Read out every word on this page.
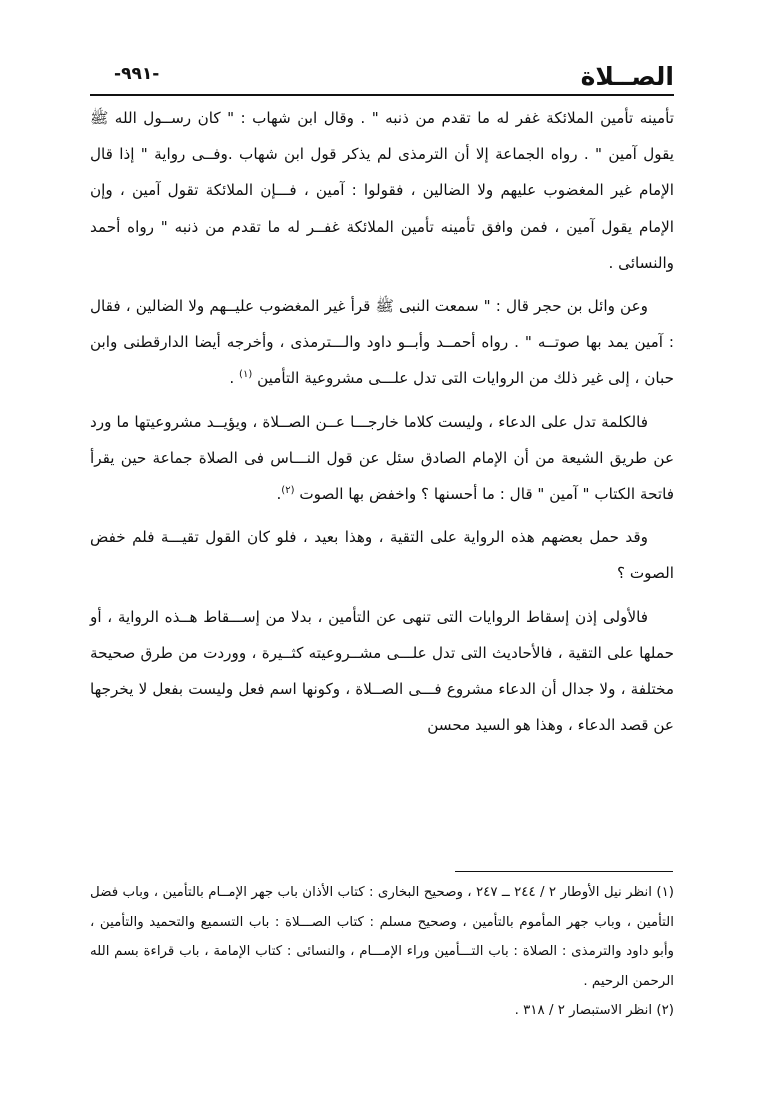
الصــلاة
-٩٩١-

تأمينه تأمين الملائكة غفر له ما تقدم من ذنبه " . وقال ابن شهاب : " كان رســول الله ﷺ يقول آمين " . رواه الجماعة إلا أن الترمذى لم يذكر قول ابن شهاب .وفــى رواية " إذا قال الإمام غير المغضوب عليهم ولا الضالين ، فقولوا : آمين ، فـــإن الملائكة تقول آمين ، وإن الإمام يقول آمين ، فمن وافق تأمينه تأمين الملائكة غفــر له ما تقدم من ذنبه " رواه أحمد والنسائى .

وعن وائل بن حجر قال : " سمعت النبى ﷺ قرأ غير المغضوب عليــهم ولا الضالين ، فقال : آمين يمد بها صوتــه " . رواه أحمــد وأبــو داود والـــترمذى ، وأخرجه أيضا الدارقطنى وابن حبان ، إلى غير ذلك من الروايات التى تدل علـــى مشروعية التأمين $^{(١)}$ .

فالكلمة تدل على الدعاء ، وليست كلاما خارجـــا عــن الصــلاة ، ويؤيــد مشروعيتها ما ورد عن طريق الشيعة من أن الإمام الصادق سئل عن قول النـــاس فى الصلاة جماعة حين يقرأ فاتحة الكتاب " آمين " قال : ما أحسنها ؟ واخفض بها الصوت $^{(٢)}$.

وقد حمل بعضهم هذه الرواية على التقية ، وهذا بعيد ، فلو كان القول تقيـــة فلم خفض الصوت ؟

فالأولى إذن إسقاط الروايات التى تنهى عن التأمين ، بدلا من إســـقاط هــذه الرواية ، أو حملها على التقية ، فالأحاديث التى تدل علـــى مشــروعيته كثــيرة ، ووردت من طرق صحيحة مختلفة ، ولا جدال أن الدعاء مشروع فـــى الصــلاة ، وكونها اسم فعل وليست بفعل لا يخرجها عن قصد الدعاء ، وهذا هو السيد محسن

(١) انظر نيل الأوطار ٢ / ٢٤٤ ــ ٢٤٧ ، وصحيح البخارى : كتاب الأذان باب جهر الإمــام بالتأمين ، وباب فضل التأمين ، وباب جهر المأموم بالتأمين ، وصحيح مسلم : كتاب الصـــلاة : باب التسميع والتحميد والتأمين ، وأبو داود والترمذى : الصلاة : باب التـــأمين وراء الإمـــام ، والنسائى : كتاب الإمامة ، باب قراءة بسم الله الرحمن الرحيم .

(٢) انظر الاستبصار ٢ / ٣١٨ .
